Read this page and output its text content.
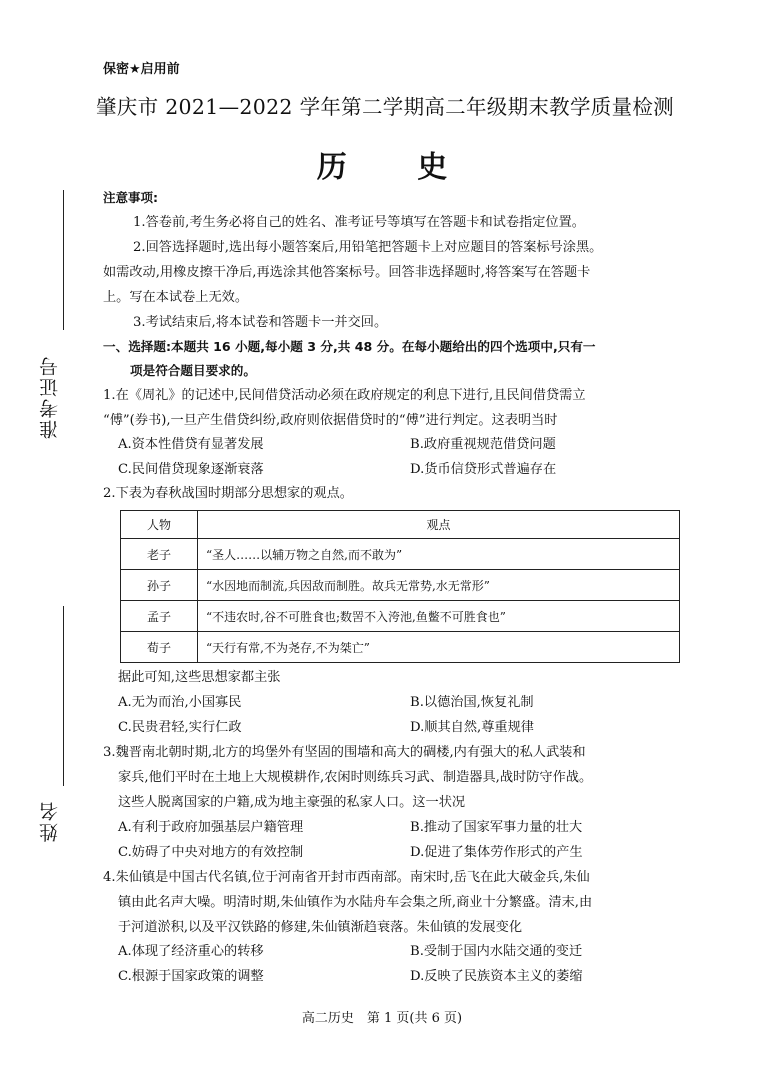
保密★启用前
肇庆市 2021—2022 学年第二学期高二年级期末教学质量检测
历 史
准考证号
姓名
注意事项:
1.答卷前,考生务必将自己的姓名、准考证号等填写在答题卡和试卷指定位置。
2.回答选择题时,选出每小题答案后,用铅笔把答题卡上对应题目的答案标号涂黑。
如需改动,用橡皮擦干净后,再选涂其他答案标号。回答非选择题时,将答案写在答题卡
上。写在本试卷上无效。
3.考试结束后,将本试卷和答题卡一并交回。
一、选择题:本题共 16 小题,每小题 3 分,共 48 分。在每小题给出的四个选项中,只有一
项是符合题目要求的。
1.在《周礼》的记述中,民间借贷活动必须在政府规定的利息下进行,且民间借贷需立
“傅”(券书),一旦产生借贷纠纷,政府则依据借贷时的“傅”进行判定。这表明当时
A.资本性借贷有显著发展	B.政府重视规范借贷问题
C.民间借贷现象逐渐衰落	D.货币信贷形式普遍存在
2.下表为春秋战国时期部分思想家的观点。
人物	观点
老子	“圣人……以辅万物之自然,而不敢为”
孙子	“水因地而制流,兵因敌而制胜。故兵无常势,水无常形”
孟子	“不违农时,谷不可胜食也;数罟不入洿池,鱼鳖不可胜食也”
荀子	“天行有常,不为尧存,不为桀亡”
据此可知,这些思想家都主张
A.无为而治,小国寡民	B.以德治国,恢复礼制
C.民贵君轻,实行仁政	D.顺其自然,尊重规律
3.魏晋南北朝时期,北方的坞堡外有坚固的围墙和高大的碉楼,内有强大的私人武装和
家兵,他们平时在土地上大规模耕作,农闲时则练兵习武、制造器具,战时防守作战。
这些人脱离国家的户籍,成为地主豪强的私家人口。这一状况
A.有利于政府加强基层户籍管理	B.推动了国家军事力量的壮大
C.妨碍了中央对地方的有效控制	D.促进了集体劳作形式的产生
4.朱仙镇是中国古代名镇,位于河南省开封市西南部。南宋时,岳飞在此大破金兵,朱仙
镇由此名声大噪。明清时期,朱仙镇作为水陆舟车会集之所,商业十分繁盛。清末,由
于河道淤积,以及平汉铁路的修建,朱仙镇渐趋衰落。朱仙镇的发展变化
A.体现了经济重心的转移	B.受制于国内水陆交通的变迁
C.根源于国家政策的调整	D.反映了民族资本主义的萎缩
高二历史　第 1 页(共 6 页)
